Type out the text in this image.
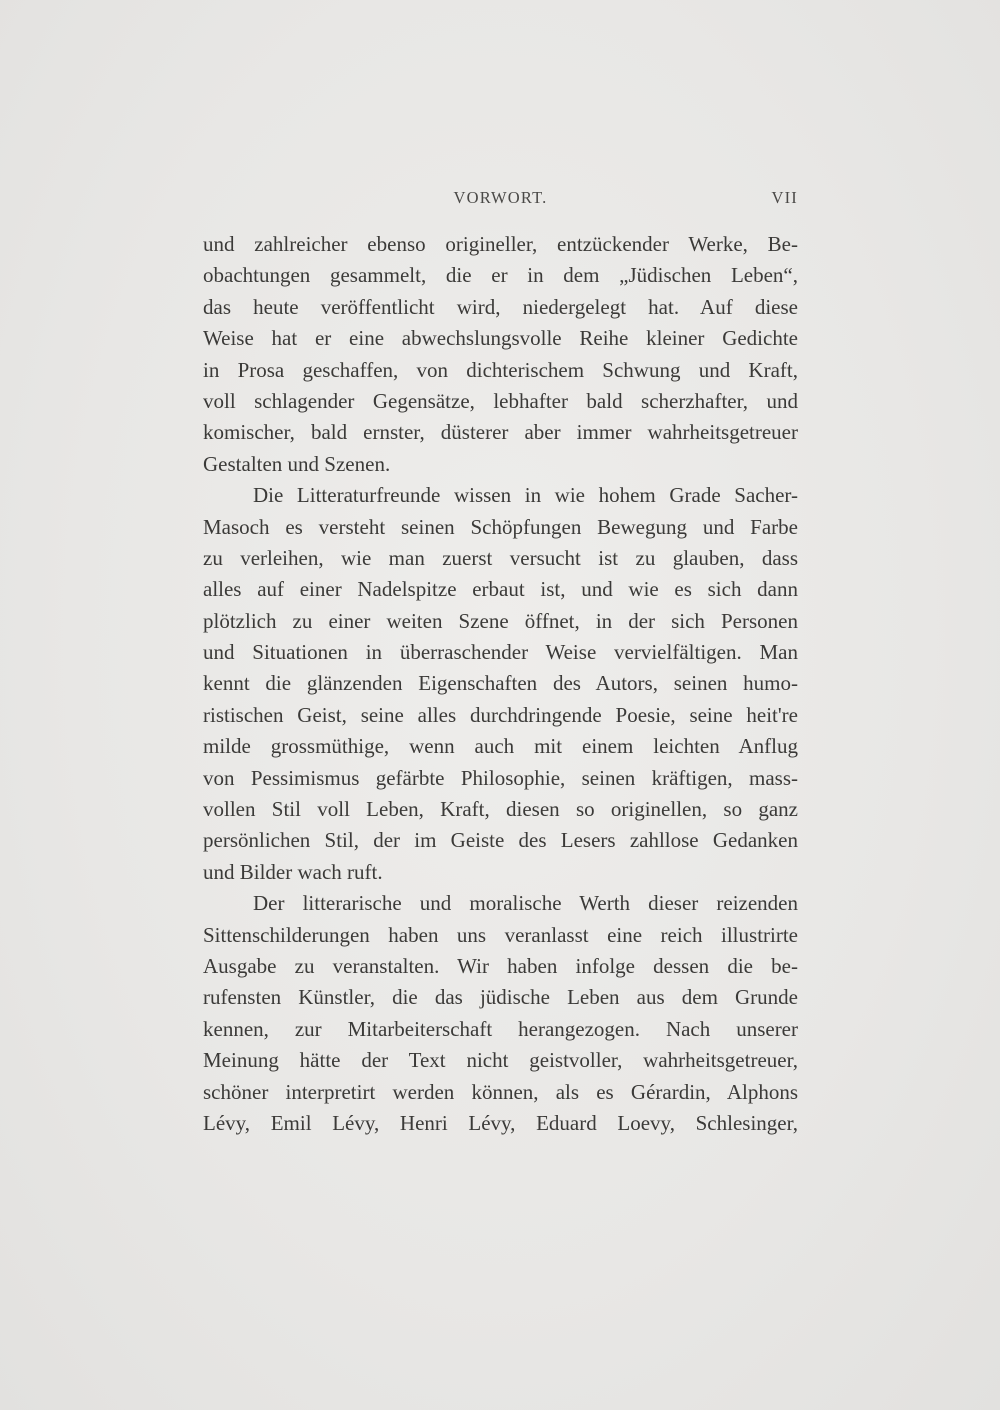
VORWORT.	VII

und zahlreicher ebenso origineller, entzückender Werke, Be-
obachtungen gesammelt, die er in dem „Jüdischen Leben“,
das heute veröffentlicht wird, niedergelegt hat. Auf diese
Weise hat er eine abwechslungsvolle Reihe kleiner Gedichte
in Prosa geschaffen, von dichterischem Schwung und Kraft,
voll schlagender Gegensätze, lebhafter bald scherzhafter, und
komischer, bald ernster, düsterer aber immer wahrheitsgetreuer
Gestalten und Szenen.

Die Litteraturfreunde wissen in wie hohem Grade Sacher-
Masoch es versteht seinen Schöpfungen Bewegung und Farbe
zu verleihen, wie man zuerst versucht ist zu glauben, dass
alles auf einer Nadelspitze erbaut ist, und wie es sich dann
plötzlich zu einer weiten Szene öffnet, in der sich Personen
und Situationen in überraschender Weise vervielfältigen. Man
kennt die glänzenden Eigenschaften des Autors, seinen humo-
ristischen Geist, seine alles durchdringende Poesie, seine heit're
milde grossmüthige, wenn auch mit einem leichten Anflug
von Pessimismus gefärbte Philosophie, seinen kräftigen, mass-
vollen Stil voll Leben, Kraft, diesen so originellen, so ganz
persönlichen Stil, der im Geiste des Lesers zahllose Gedanken
und Bilder wach ruft.

Der litterarische und moralische Werth dieser reizenden
Sittenschilderungen haben uns veranlasst eine reich illustrirte
Ausgabe zu veranstalten. Wir haben infolge dessen die be-
rufensten Künstler, die das jüdische Leben aus dem Grunde
kennen, zur Mitarbeiterschaft herangezogen. Nach unserer
Meinung hätte der Text nicht geistvoller, wahrheitsgetreuer,
schöner interpretirt werden können, als es Gérardin, Alphons
Lévy, Emil Lévy, Henri Lévy, Eduard Loevy, Schlesinger,
